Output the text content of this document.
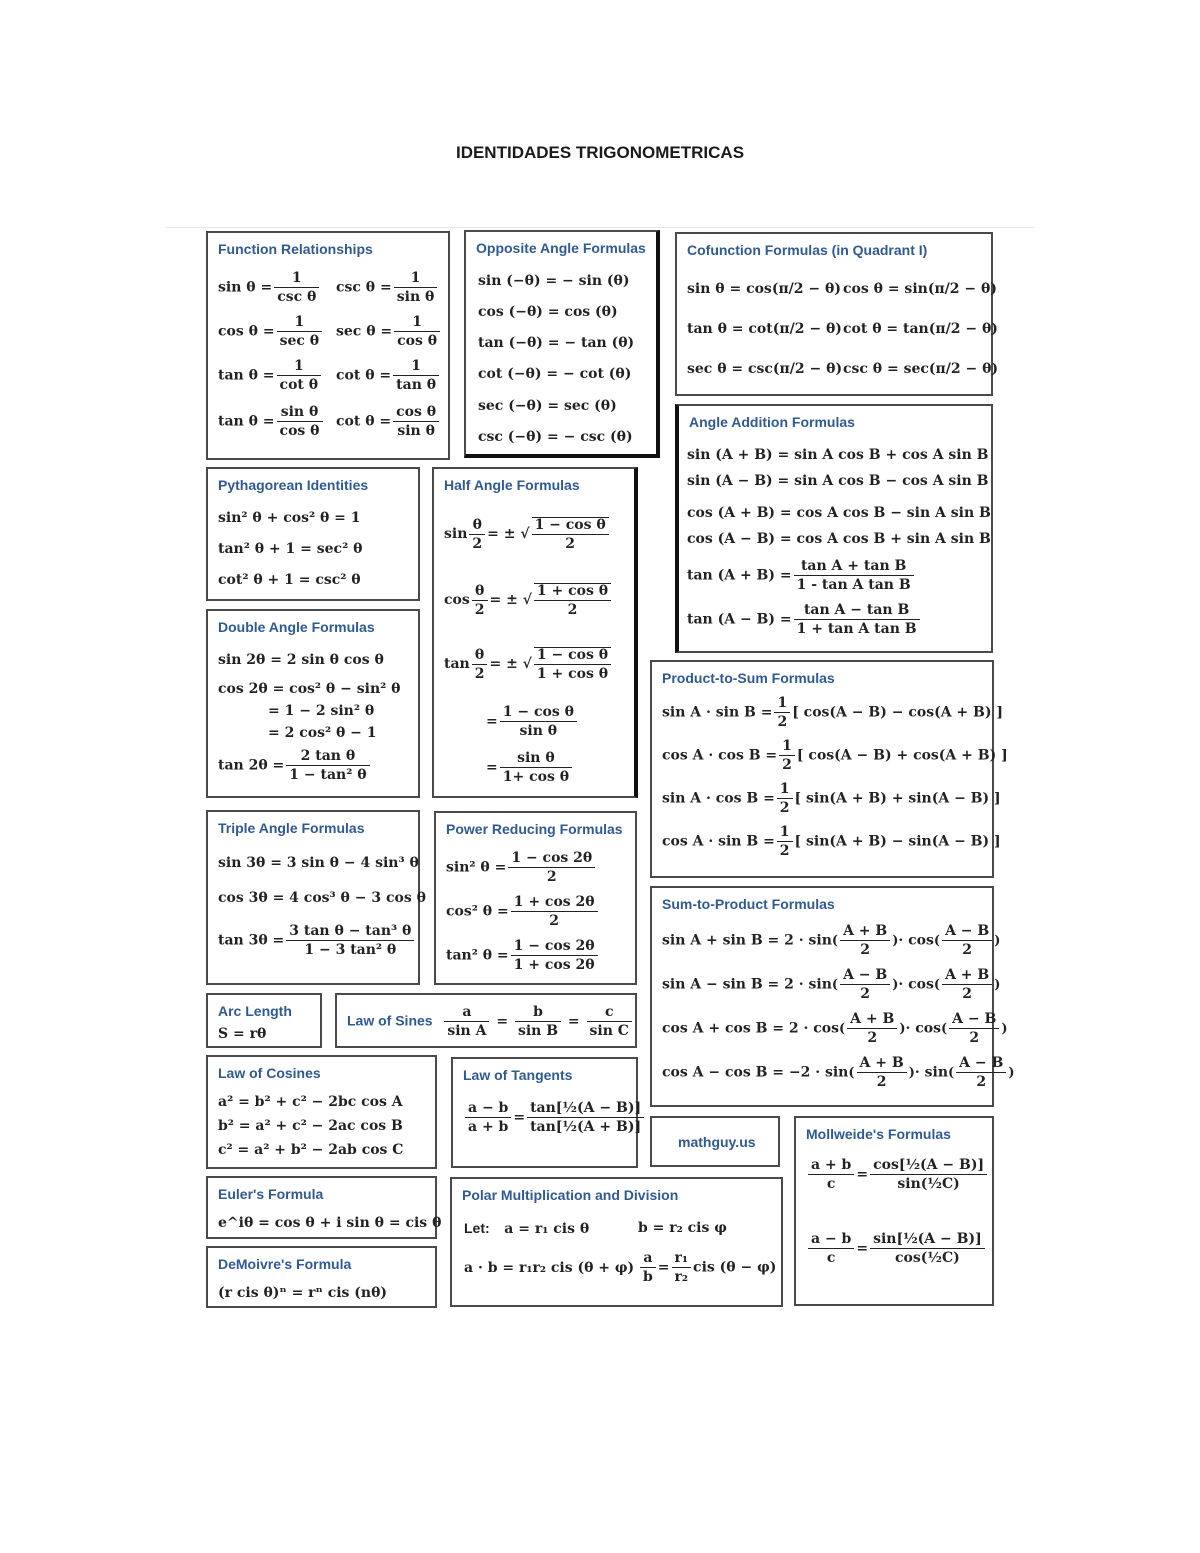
IDENTIDADES TRIGONOMETRICAS
Function Relationships
sin θ =
1
csc θ
$\csc \theta = \frac{1}{\text{sin θ}}$
cos θ =
1
sec θ
$\sec \theta = \frac{1}{\text{cos θ}}$
$\tan \theta = \frac{1}{\text{cot θ}}$ $\cot \theta = \frac{1}{\text{tan θ}}$
$\tan \theta = \frac{\text{sin θ}}{\text{cos θ}}$ $\cot \theta = \frac{\text{cos θ}}{\text{sin θ}}$
Opposite Angle Formulas
sin (−θ) = − sin (θ)
cos (−θ) = cos (θ)
tan (−θ) = − tan (θ)
cot (−θ) = − cot (θ)
sec (−θ) = sec (θ)
csc (−θ) = − csc (θ)
Cofunction Formulas (in Quadrant I)
sin θ = cos(π/2 − θ) cos θ = sin(π/2 − θ)
tan θ = cot(π/2 − θ) cot θ = tan(π/2 − θ)
sec θ = csc(π/2 − θ) csc θ = sec(π/2 − θ)
Angle Addition Formulas
sin (A + B) = sin A cos B + cos A sin B
sin (A − B) = sin A cos B − cos A sin B
cos (A + B) = cos A cos B − sin A sin B
cos (A − B) = cos A cos B + sin A sin B
$\tan (A + B) = \frac{\text{tan A + tan B}}{\text{1 - tan A tan B}}$
$\tan (A - B) = \frac{\text{tan A − tan B}}{\text{1 + tan A tan B}}$
Pythagorean Identities
sin² θ + cos² θ = 1
tan² θ + 1 = sec² θ
cot² θ + 1 = csc² θ
Half Angle Formulas
$\sin \frac{\theta}{2}$ = ± √ $\frac{\text{1 − cos θ}}{2}$
$\cos \frac{\theta}{2}$ = ± √ $\frac{\text{1 + cos θ}}{2}$
$\tan \frac{\theta}{2}$ = ± √ $\frac{\text{1 − cos θ}}{\text{1 + cos θ}}$
= $\frac{\text{1 − cos θ}}{\text{sin θ}}$
= $\frac{\text{sin θ}}{\text{1+ cos θ}}$
Double Angle Formulas
sin 2θ = 2 sin θ cos θ
cos 2θ = cos² θ − sin² θ
= 1 − 2 sin² θ
= 2 cos² θ − 1
$\tan 2\theta = \frac{\text{2 tan θ}}{\text{1 − tan² θ}}$
Product-to-Sum Formulas
$\sin A \cdot \sin B = \frac{1}{2}$ [ cos(A − B) − cos(A + B) ]
$\cos A \cdot \cos B = \frac{1}{2}$ [ cos(A − B) + cos(A + B) ]
$\sin A \cdot \cos B = \frac{1}{2}$ [ sin(A + B) + sin(A − B) ]
$\cos A \cdot \sin B = \frac{1}{2}$ [ sin(A + B) − sin(A − B) ]
Triple Angle Formulas
sin 3θ = 3 sin θ − 4 sin³ θ
cos 3θ = 4 cos³ θ − 3 cos θ
$\tan 3\theta = \frac{\text{3 tan θ − tan³ θ}}{\text{1 − 3 tan² θ}}$
Power Reducing Formulas
sin² $\theta = \frac{1 - \cos 2\theta}{2}$
cos² $\theta = \frac{1 + \cos 2\theta}{2}$
tan² $\theta = \frac{1 - \cos 2\theta}{1 + \cos 2\theta}$
Sum-to-Product Formulas
$\sin A + \sin B = 2 \cdot \sin( \frac{A + B}{2}$ )· $\cos( \frac{A - B}{2}$ )
$\sin A - \sin B = 2 \cdot \sin( \frac{A - B}{2}$ )· $\cos( \frac{A + B}{2}$ )
$\cos A + \cos B = 2 \cdot \cos( \frac{A + B}{2}$ )· $\cos( \frac{A - B}{2}$ )
$\cos A - \cos B = -2 \cdot \sin( \frac{A + B}{2}$ )· $\sin( \frac{A - B}{2}$ )
Arc Length
S = rθ
Law of Sines $\frac{a}{\text{sin A}} = \frac{b}{\text{sin B}} = \frac{c}{\text{sin C}}$
Law of Cosines
a² = b² + c² − 2bc cos A
b² = a² + c² − 2ac cos B
c² = a² + b² − 2ab cos C
Law of Tangents
$\frac{a - b}{a + b} = \frac{\text{tan[½(A − B)]}}{\text{tan[½(A + B)]}}$
mathguy.us	Mollweide's Formulas
$\frac{a + b}{c} = \frac{\text{cos[½(A − B)]}}{\text{sin(½C)}}$
$\frac{a - b}{c} = \frac{\text{sin[½(A − B)]}}{\text{cos(½C)}}$
Euler's Formula
e^iθ = cos θ + i sin θ = cis θ
Polar Multiplication and Division
Let: a = r₁ cis θ	b = r₂ cis φ
a · b = r₁r₂ cis $(\theta + \varphi) \frac{a}{b} = \frac{\text{r₁}}{\text{r₂}}$ cis (θ − φ)
DeMoivre's Formula
(r cis θ)ⁿ = rⁿ cis (nθ)
